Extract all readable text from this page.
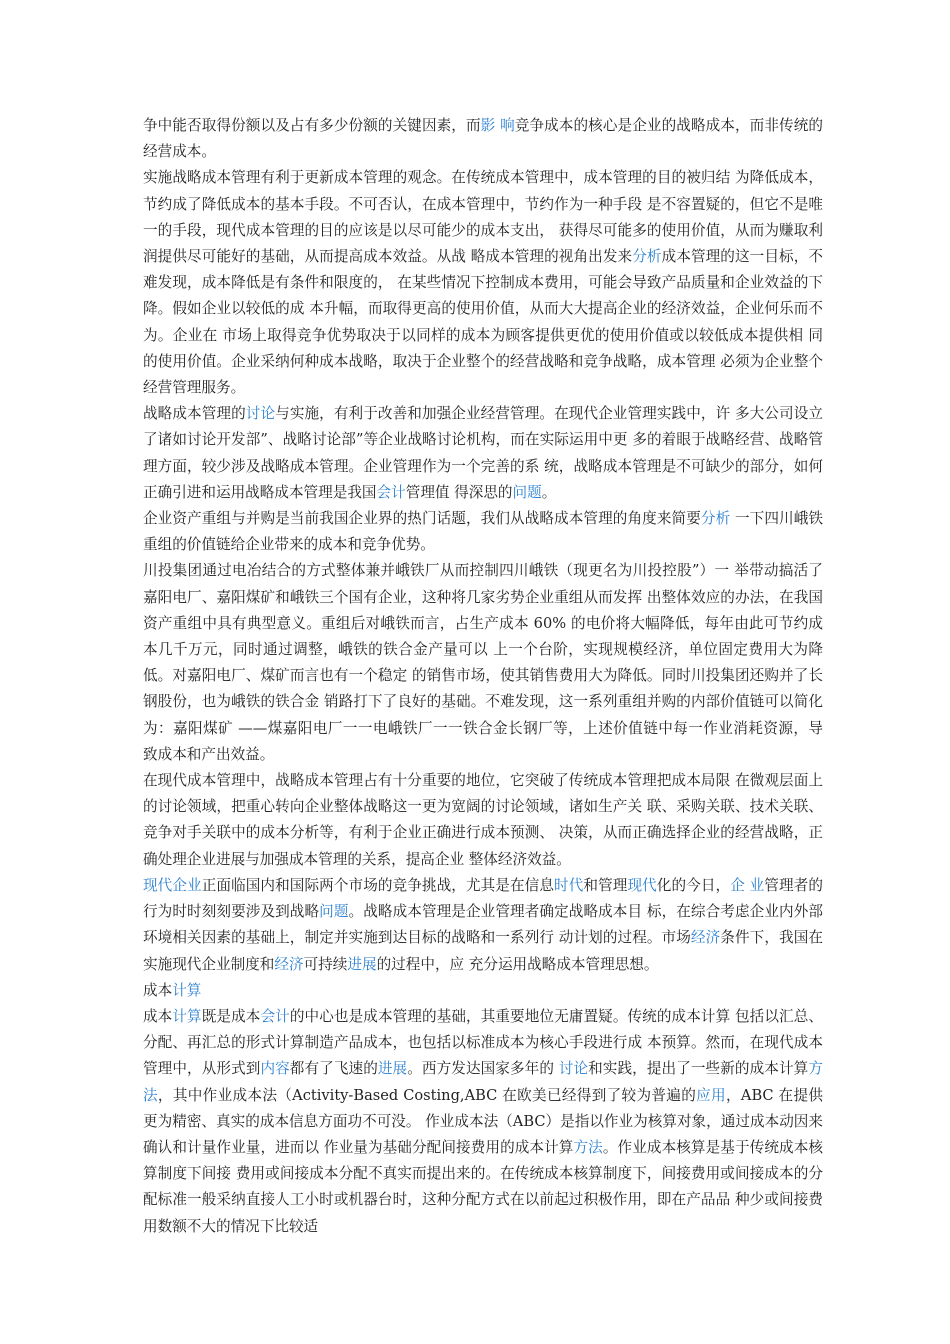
争中能否取得份额以及占有多少份额的关键因素，而影 响竞争成本的核心是企业的战略成本，而非传统的经营成本。

实施战略成本管理有利于更新成本管理的观念。在传统成本管理中，成本管理的目的被归结 为降低成本，节约成了降低成本的基本手段。不可否认，在成本管理中，节约作为一种手段 是不容置疑的，但它不是唯一的手段，现代成本管理的目的应该是以尽可能少的成本支出， 获得尽可能多的使用价值，从而为赚取利润提供尽可能好的基础，从而提高成本效益。从战 略成本管理的视角出发来分析成本管理的这一目标，不难发现，成本降低是有条件和限度的， 在某些情况下控制成本费用，可能会导致产品质量和企业效益的下降。假如企业以较低的成 本升幅，而取得更高的使用价值，从而大大提高企业的经济效益，企业何乐而不为。企业在 市场上取得竞争优势取决于以同样的成本为顾客提供更优的使用价值或以较低成本提供相 同的使用价值。企业采纳何种成本战略，取决于企业整个的经营战略和竞争战略，成本管理 必须为企业整个经营管理服务。

战略成本管理的讨论与实施，有利于改善和加强企业经营管理。在现代企业管理实践中，许 多大公司设立了诸如讨论开发部”、战略讨论部”等企业战略讨论机构，而在实际运用中更 多的着眼于战略经营、战略管理方面，较少涉及战略成本管理。企业管理作为一个完善的系 统，战略成本管理是不可缺少的部分，如何正确引进和运用战略成本管理是我国会计管理值 得深思的问题。

企业资产重组与并购是当前我国企业界的热门话题，我们从战略成本管理的角度来简要分析 一下四川峨铁重组的价值链给企业带来的成本和竞争优势。

川投集团通过电冶结合的方式整体兼并峨铁厂从而控制四川峨铁（现更名为川投控股”）一 举带动搞活了嘉阳电厂、嘉阳煤矿和峨铁三个国有企业，这种将几家劣势企业重组从而发挥 出整体效应的办法，在我国资产重组中具有典型意义。重组后对峨铁而言，占生产成本 60% 的电价将大幅降低，每年由此可节约成本几千万元，同时通过调整，峨铁的铁合金产量可以 上一个台阶，实现规模经济，单位固定费用大为降低。对嘉阳电厂、煤矿而言也有一个稳定 的销售市场，使其销售费用大为降低。同时川投集团还购并了长钢股份，也为峨铁的铁合金 销路打下了良好的基础。不难发现，这一系列重组并购的内部价值链可以简化为：嘉阳煤矿 ——煤嘉阳电厂一一电峨铁厂一一铁合金长钢厂等，上述价值链中每一作业消耗资源，导 致成本和产出效益。

在现代成本管理中，战略成本管理占有十分重要的地位，它突破了传统成本管理把成本局限 在微观层面上的讨论领域，把重心转向企业整体战略这一更为宽阔的讨论领域，诸如生产关 联、采购关联、技术关联、竞争对手关联中的成本分析等，有利于企业正确进行成本预测、 决策，从而正确选择企业的经营战略，正确处理企业进展与加强成本管理的关系，提高企业 整体经济效益。

现代企业正面临国内和国际两个市场的竞争挑战，尤其是在信息时代和管理现代化的今日，企 业管理者的行为时时刻刻要涉及到战略问题。战略成本管理是企业管理者确定战略成本目 标，在综合考虑企业内外部环境相关因素的基础上，制定并实施到达目标的战略和一系列行 动计划的过程。市场经济条件下，我国在实施现代企业制度和经济可持续进展的过程中，应 充分运用战略成本管理思想。

成本计算

成本计算既是成本会计的中心也是成本管理的基础，其重要地位无庸置疑。传统的成本计算 包括以汇总、分配、再汇总的形式计算制造产品成本，也包括以标准成本为核心手段进行成 本预算。然而，在现代成本管理中，从形式到内容都有了飞速的进展。西方发达国家多年的 讨论和实践，提出了一些新的成本计算方法，其中作业成本法（Activity-Based Costing,ABC 在欧美已经得到了较为普遍的应用，ABC 在提供更为精密、真实的成本信息方面功不可没。 作业成本法（ABC）是指以作业为核算对象，通过成本动因来确认和计量作业量，进而以 作业量为基础分配间接费用的成本计算方法。作业成本核算是基于传统成本核算制度下间接 费用或间接成本分配不真实而提出来的。在传统成本核算制度下，间接费用或间接成本的分 配标准一般采纳直接人工小时或机器台时，这种分配方式在以前起过积极作用，即在产品品 种少或间接费用数额不大的情况下比较适
